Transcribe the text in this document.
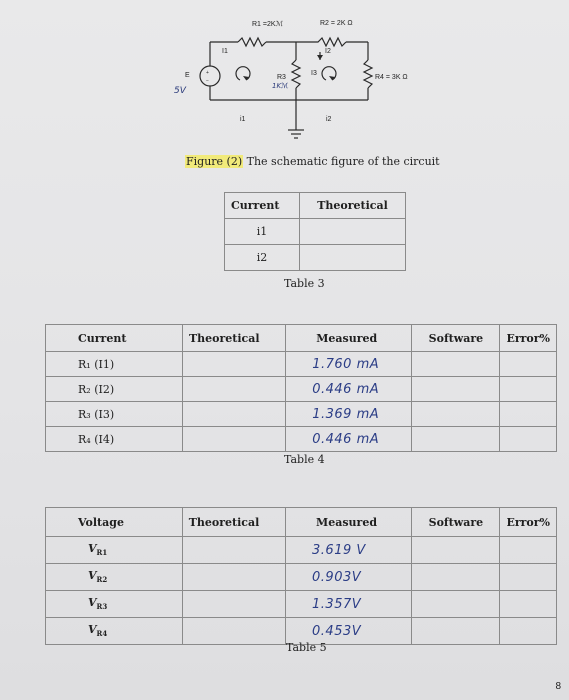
+
−
R1 =2Kℳ	R2 = 2K Ω
I1	I2
I3
R3
1Kℳ
R4 = 3K Ω
E
5V
i1	i2
Figure (2) The schematic figure of the circuit
Current	Theoretical
i1	
i2	
Table 3
Current	Theoretical	Measured	Software	Error%
R₁ (I1)		1.760 mA		
R₂ (I2)		0.446 mA		
R₃ (I3)		1.369 mA		
R₄ (I4)		0.446 mA		
Table 4
Voltage	Theoretical	Measured	Software	Error%
$V_{R1}$		3.619 V		
$V_{R2}$		0.903V		
$V_{R3}$		1.357V		
$V_{R4}$		0.453V		
Table 5
8
